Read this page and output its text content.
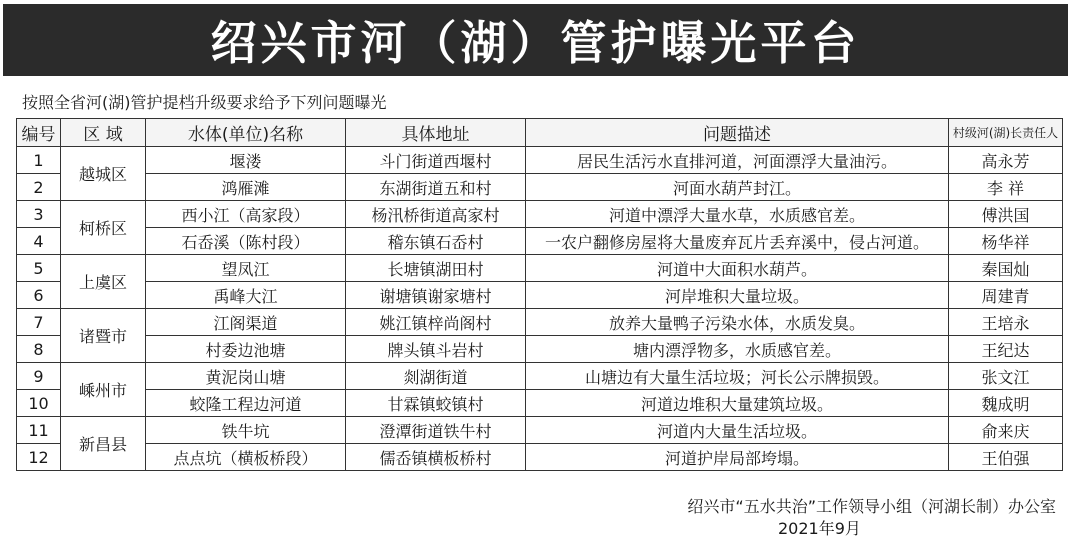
绍兴市河（湖）管护曝光平台
按照全省河(湖)管护提档升级要求给予下列问题曝光
编号	区 域	水体(单位)名称	具体地址	问题描述	村级河(湖)长责任人
1	越城区	堰溇	斗门街道西堰村	居民生活污水直排河道，河面漂浮大量油污。	高永芳
2		鸿雁滩	东湖街道五和村	河面水葫芦封江。	李 祥
3	柯桥区	西小江（高家段）	杨汛桥街道高家村	河道中漂浮大量水草，水质感官差。	傅洪国
4		石岙溪（陈村段）	稽东镇石岙村	一农户翻修房屋将大量废弃瓦片丢弃溪中，侵占河道。	杨华祥
5	上虞区	望凤江	长塘镇湖田村	河道中大面积水葫芦。	秦国灿
6		禹峰大江	谢塘镇谢家塘村	河岸堆积大量垃圾。	周建青
7	诸暨市	江阁渠道	姚江镇梓尚阁村	放养大量鸭子污染水体，水质发臭。	王培永
8		村委边池塘	牌头镇斗岩村	塘内漂浮物多，水质感官差。	王纪达
9	嵊州市	黄泥岗山塘	剡湖街道	山塘边有大量生活垃圾；河长公示牌损毁。	张文江
10		蛟隆工程边河道	甘霖镇蛟镇村	河道边堆积大量建筑垃圾。	魏成明
11	新昌县	铁牛坑	澄潭街道铁牛村	河道内大量生活垃圾。	俞来庆
12		点点坑（横板桥段）	儒岙镇横板桥村	河道护岸局部垮塌。	王伯强
绍兴市“五水共治”工作领导小组（河湖长制）办公室
2021年9月
